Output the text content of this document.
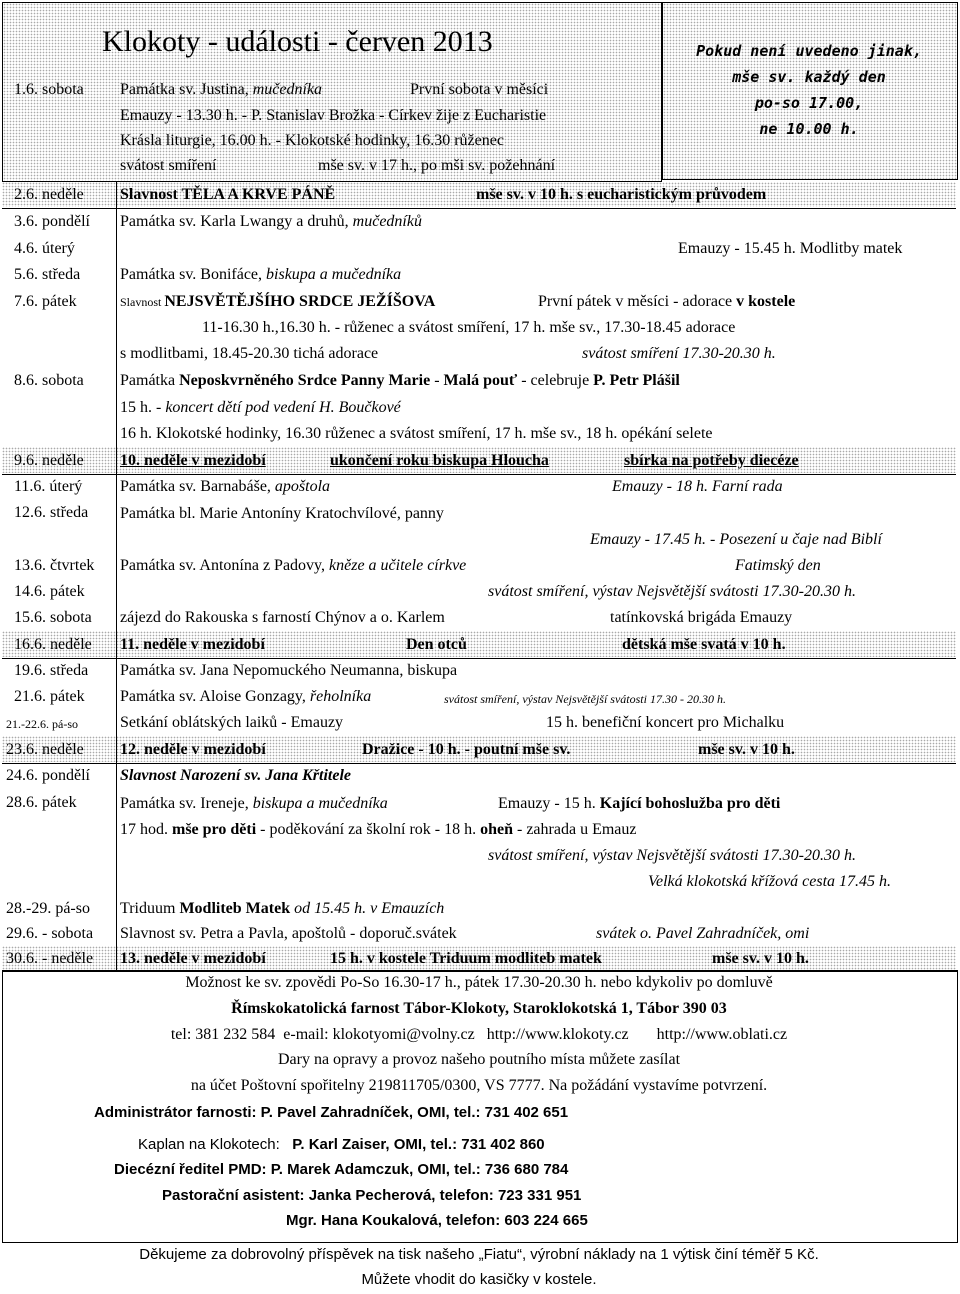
Klokoty - události - červen 2013	Pokud není uvedeno jinak,
mše sv. každý den
po-so 17.00,
ne 10.00 h.
1.6. sobota Památka sv. Justina, mučedníka	První sobota v měsíci
Emauzy - 13.30 h. - P. Stanislav Brožka - Církev žije z Eucharistie
Krásla liturgie, 16.00 h. - Klokotské hodinky, 16.30 růženec
svátost smíření	mše sv. v 17 h., po mši sv. požehnání
2.6. neděle Slavnost TĚLA A KRVE PÁNĚ	mše sv. v 10 h. s eucharistickým průvodem
3.6. pondělí Památka sv. Karla Lwangy a druhů, mučedníků
4.6. úterý	Emauzy - 15.45 h. Modlitby matek
5.6. středa Památka sv. Bonifáce, biskupa a mučedníka
7.6. pátek	Slavnost NEJSVĚTĚJŠÍHO SRDCE JEŽÍŠOVA	První pátek v měsíci - adorace v kostele
11-16.30 h.,16.30 h. - růženec a svátost smíření, 17 h. mše sv., 17.30-18.45 adorace
s modlitbami, 18.45-20.30 tichá adorace	svátost smíření 17.30-20.30 h.
8.6. sobota Památka Neposkvrněného Srdce Panny Marie - Malá pouť - celebruje P. Petr Plášil
15 h. - koncert dětí pod vedení H. Boučkové
16 h. Klokotské hodinky, 16.30 růženec a svátost smíření, 17 h. mše sv., 18 h. opékání selete
9.6. neděle 10. neděle v mezidobí	ukončení roku biskupa Hloucha	sbírka na potřeby diecéze
11.6. úterý Památka sv. Barnabáše, apoštola	Emauzy - 18 h. Farní rada
12.6. středa Památka bl. Marie Antoníny Kratochvílové, panny
Emauzy - 17.45 h. - Posezení u čaje nad Biblí
13.6. čtvrtek Památka sv. Antonína z Padovy, kněze a učitele církve	Fatimský den
14.6. pátek	svátost smíření, výstav Nejsvětější svátosti 17.30-20.30 h.
15.6. sobota zájezd do Rakouska s farností Chýnov a o. Karlem	tatínkovská brigáda Emauzy
16.6. neděle 11. neděle v mezidobí	Den otců	dětská mše svatá v 10 h.
19.6. středa Památka sv. Jana Nepomuckého Neumanna, biskupa
21.6. pátek Památka sv. Aloise Gonzagy, řeholníka	svátost smíření, výstav Nejsvětější svátosti 17.30 - 20.30 h.
21.-22.6. pá-so	Setkání oblátských laiků - Emauzy	15 h. benefiční koncert pro Michalku
23.6. neděle 12. neděle v mezidobí	Dražice - 10 h. - poutní mše sv.	mše sv. v 10 h.
24.6. pondělí Slavnost Narození sv. Jana Křtitele
28.6. pátek	Památka sv. Ireneje, biskupa a mučedníka	Emauzy - 15 h. Kající bohoslužba pro děti
17 hod. mše pro děti - poděkování za školní rok - 18 h. oheň - zahrada u Emauz
svátost smíření, výstav Nejsvětější svátosti 17.30-20.30 h.
Velká klokotská křížová cesta 17.45 h.
28.-29. pá-so Triduum Modliteb Matek od 15.45 h. v Emauzích
29.6. - sobota Slavnost sv. Petra a Pavla, apoštolů - doporuč.svátek	svátek o. Pavel Zahradníček, omi
30.6. - neděle 13. neděle v mezidobí	15 h. v kostele Triduum modliteb matek	mše sv. v 10 h.
Možnost ke sv. zpovědi Po-So 16.30-17 h., pátek 17.30-20.30 h. nebo kdykoliv po domluvě
Římskokatolická farnost Tábor-Klokoty, Staroklokotská 1, Tábor 390 03
tel: 381 232 584  e-mail: klokotyomi@volny.cz   http://www.klokoty.cz       http://www.oblati.cz
Dary na opravy a provoz našeho poutního místa můžete zasílat
na účet Poštovní spořitelny 219811705/0300, VS 7777. Na požádání vystavíme potvrzení.
Administrátor farnosti: P. Pavel Zahradníček, OMI, tel.: 731 402 651
Kaplan na Klokotech:   P. Karl Zaiser, OMI, tel.: 731 402 860
Diecézní ředitel PMD: P. Marek Adamczuk, OMI, tel.: 736 680 784
Pastorační asistent: Janka Pecherová, telefon: 723 331 951
Mgr. Hana Koukalová, telefon: 603 224 665
Děkujeme za dobrovolný příspěvek na tisk našeho „Fiatu“, výrobní náklady na 1 výtisk činí téměř 5 Kč.
Můžete vhodit do kasičky v kostele.
